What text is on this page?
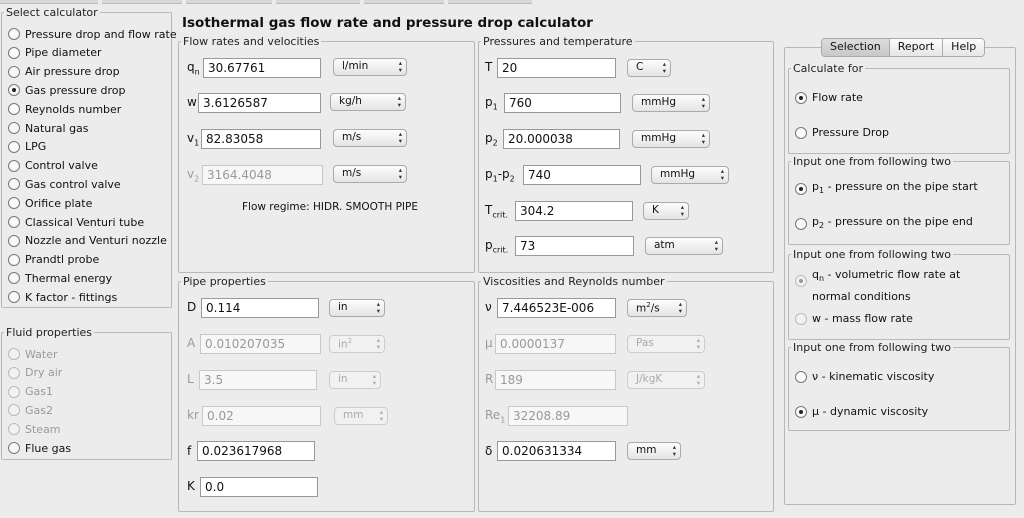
Select calculator
Pressure drop and flow rate
Pipe diameter
Air pressure drop
Gas pressure drop
Reynolds number
Natural gas
LPG
Control valve
Gas control valve
Orifice plate
Classical Venturi tube
Nozzle and Venturi nozzle
Prandtl probe
Thermal energy
K factor - fittings
Fluid properties
Water
Dry air
Gas1
Gas2
Steam
Flue gas
Isothermal gas flow rate and pressure drop calculator
Flow rates and velocities
$q_n$ 30.67761	l/min ▴ ▾
w 3.6126587	kg/h ▴ ▾
$v_1$ 82.83058	m/s ▴ ▾
$v_2$ 3164.4048	m/s ▴ ▾
Flow regime: HIDR. SMOOTH PIPE
Pressures and temperature
T 20	C ▴ ▾
$p_1$ 760	mmHg ▴ ▾
$p_2$ 20.000038	mmHg ▴ ▾
$p_1-p_2$	740	mmHg ▴ ▾
$T_{crit.}$	304.2	K ▴ ▾
$p_{crit.}$ 73	atm ▴ ▾
Pipe properties
D 0.114	in ▴ ▾
A 0.010207035	$in^2$ ▴ ▾
L 3.5	in ▴ ▾
kr 0.02	mm ▴ ▾
f 0.023617968
K 0.0
Viscosities and Reynolds number
ν 7.446523E-006	$m^2/s$ ▴ ▾
μ 0.0000137	Pas ▴ ▾
R 189	J/kgK ▴ ▾
$Re_1$ 32208.89
δ 0.020631334	mm ▴ ▾
Selection	Report	Help
Calculate for
Flow rate
Pressure Drop
Input one from following two
$p_1$ - pressure on the pipe start
$p_2$ - pressure on the pipe end
Input one from following two
$q_n$ - volumetric flow rate at normal conditions
w - mass flow rate
Input one from following two
ν - kinematic viscosity
μ - dynamic viscosity
